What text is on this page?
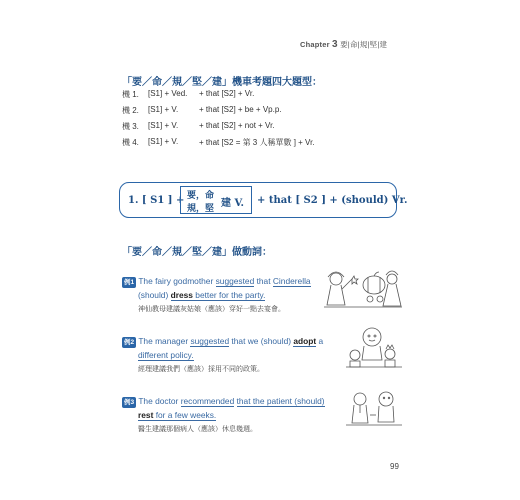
Chapter 3 要|命|規|堅|建
「要／命／規／堅／建」機車考題四大題型：
機 1. [S1] + Ved. + that [S2] + Vr.
機 2. [S1] + V.	+ that [S2] + be + Vp.p.
機 3. [S1] + V.	+ that [S2] + not + Vr.
機 4. [S1] + V.	+ that [S2 = 第 3 人稱單數 ] + Vr.
1. [ S1 ] + 要，命
規，堅 建 V. + that [ S2 ] + (should) Vr.
「要／命／規／堅／建」做動詞：
例1 The fairy godmother suggested that Cinderella
(should) dress better for the party.
神仙教母建議灰姑娘（應該）穿好一點去宴會。
例2 The manager suggested that we (should) adopt a
different policy.
經理建議我們（應該）採用不同的政策。
例3 The doctor recommended that the patient (should)
rest for a few weeks.
醫生建議那個病人（應該）休息幾週。
99
